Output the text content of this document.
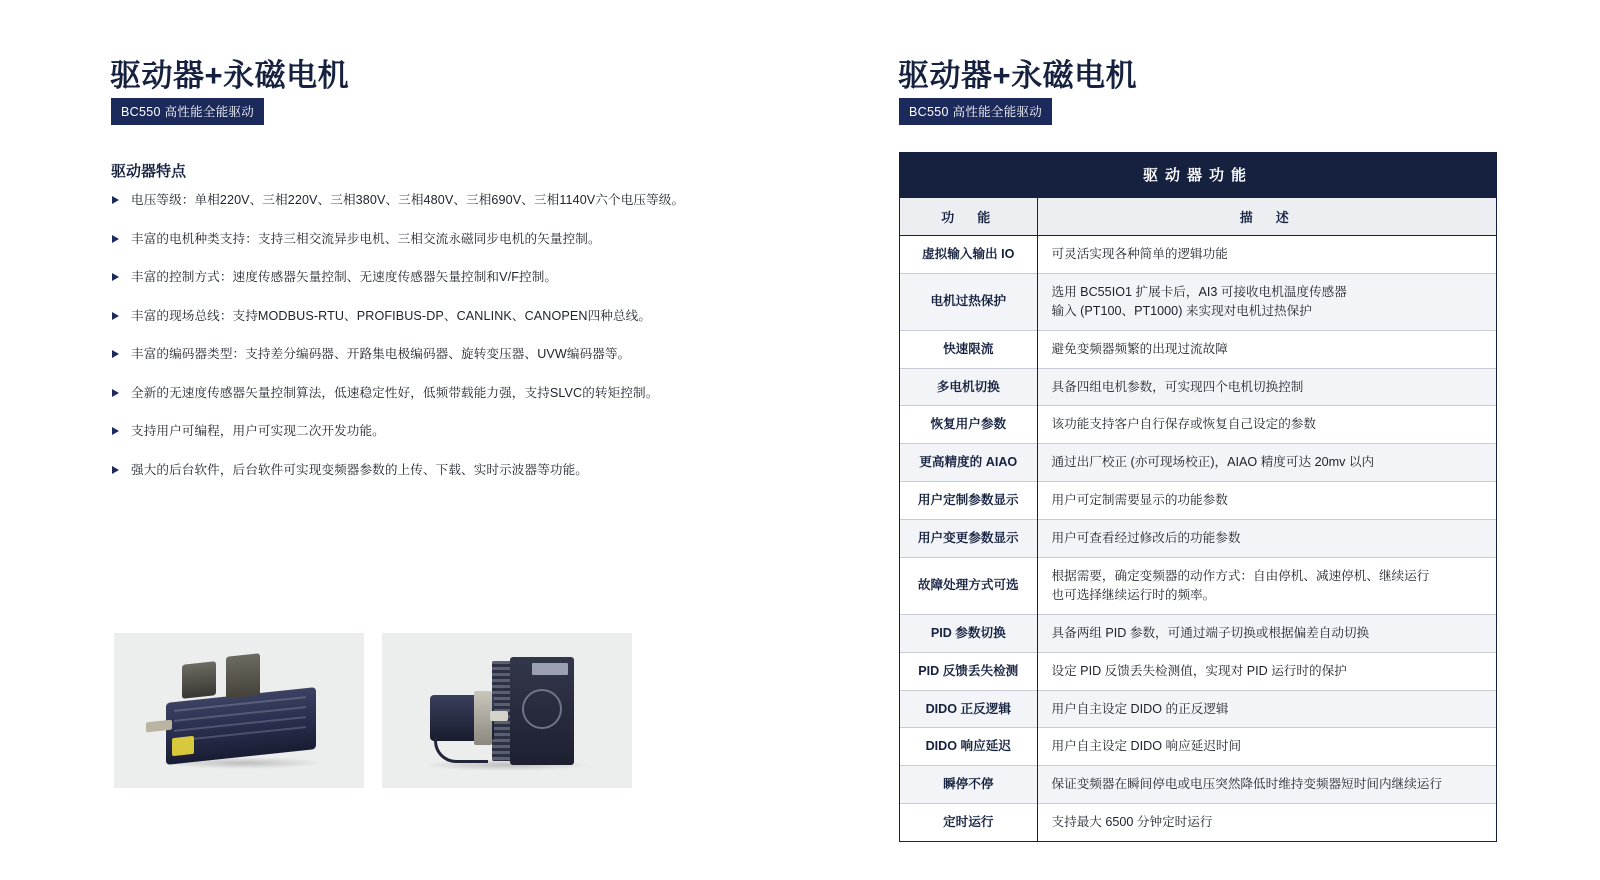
驱动器+永磁电机
BC550 高性能全能驱动
驱动器特点
电压等级：单相220V、三相220V、三相380V、三相480V、三相690V、三相1140V六个电压等级。
丰富的电机种类支持：支持三相交流异步电机、三相交流永磁同步电机的矢量控制。
丰富的控制方式：速度传感器矢量控制、无速度传感器矢量控制和V/F控制。
丰富的现场总线：支持MODBUS-RTU、PROFIBUS-DP、CANLINK、CANOPEN四种总线。
丰富的编码器类型：支持差分编码器、开路集电极编码器、旋转变压器、UVW编码器等。
全新的无速度传感器矢量控制算法，低速稳定性好，低频带载能力强，支持SLVC的转矩控制。
支持用户可编程，用户可实现二次开发功能。
强大的后台软件，后台软件可实现变频器参数的上传、下载、实时示波器等功能。
驱动器+永磁电机
BC550 高性能全能驱动
驱动器功能
功　能	描　述
虚拟输入输出 IO	可灵活实现各种简单的逻辑功能

电机过热保护	选用 BC55IO1 扩展卡后，AI3 可接收电机温度传感器
输入 (PT100、PT1000) 来实现对电机过热保护

快速限流	避免变频器频繁的出现过流故障

多电机切换	具备四组电机参数，可实现四个电机切换控制

恢复用户参数	该功能支持客户自行保存或恢复自己设定的参数

更高精度的 AIAO	通过出厂校正 (亦可现场校正)，AIAO 精度可达 20mv 以内

用户定制参数显示	用户可定制需要显示的功能参数

用户变更参数显示	用户可查看经过修改后的功能参数

故障处理方式可选	根据需要，确定变频器的动作方式：自由停机、减速停机、继续运行
也可选择继续运行时的频率。

PID 参数切换	具备两组 PID 参数，可通过端子切换或根据偏差自动切换

PID 反馈丢失检测	设定 PID 反馈丢失检测值，实现对 PID 运行时的保护

DIDO 正反逻辑	用户自主设定 DIDO 的正反逻辑

DIDO 响应延迟	用户自主设定 DIDO 响应延迟时间

瞬停不停	保证变频器在瞬间停电或电压突然降低时维持变频器短时间内继续运行

定时运行	支持最大 6500 分钟定时运行
